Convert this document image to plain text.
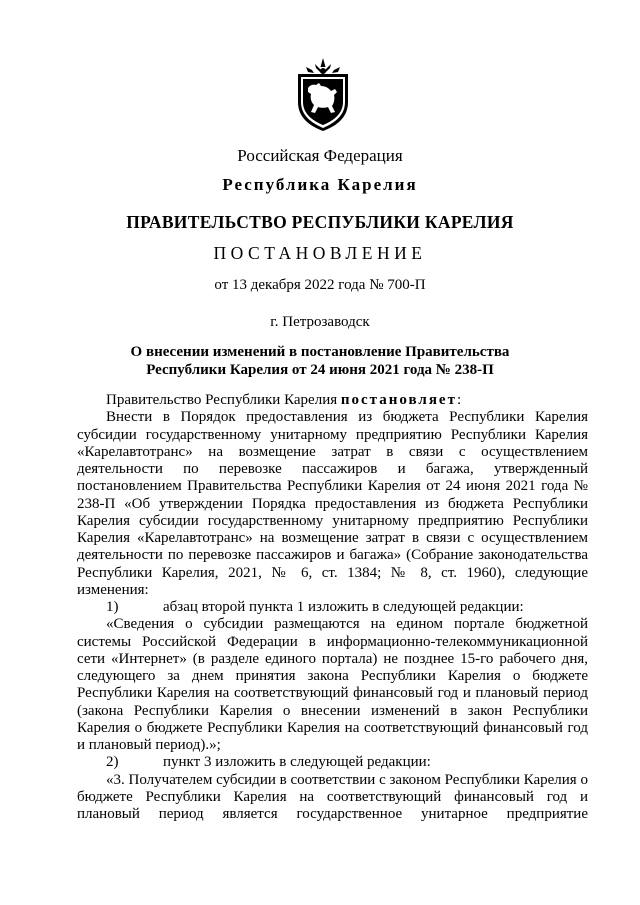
Российская Федерация
Республика Карелия
ПРАВИТЕЛЬСТВО РЕСПУБЛИКИ КАРЕЛИЯ
ПОСТАНОВЛЕНИЕ
от 13 декабря 2022 года № 700-П
г. Петрозаводск
О внесении изменений в постановление Правительства Республики Карелия от 24 июня 2021 года № 238-П

Правительство Республики Карелия постановляет:

Внести в Порядок предоставления из бюджета Республики Карелия субсидии государственному унитарному предприятию Республики Карелия «Карелавтотранс» на возмещение затрат в связи с осуществлением деятельности по перевозке пассажиров и багажа, утвержденный постановлением Правительства Республики Карелия от 24 июня 2021 года № 238-П «Об утверждении Порядка предоставления из бюджета Республики Карелия субсидии государственному унитарному предприятию Республики Карелия «Карелавтотранс» на возмещение затрат в связи с осуществлением деятельности по перевозке пассажиров и багажа» (Собрание законодательства Республики Карелия, 2021, № 6, ст. 1384; № 8, ст. 1960), следующие изменения:

1)	абзац второй пункта 1 изложить в следующей редакции:

«Сведения о субсидии размещаются на едином портале бюджетной системы Российской Федерации в информационно-телекоммуникационной сети «Интернет» (в разделе единого портала) не позднее 15-го рабочего дня, следующего за днем принятия закона Республики Карелия о бюджете Республики Карелия на соответствующий финансовый год и плановый период (закона Республики Карелия о внесении изменений в закон Республики Карелия о бюджете Республики Карелия на соответствующий финансовый год и плановый период).»;

2)	пункт 3 изложить в следующей редакции:

«3. Получателем субсидии в соответствии с законом Республики Карелия о бюджете Республики Карелия на соответствующий финансовый год и плановый период является государственное унитарное предприятие
